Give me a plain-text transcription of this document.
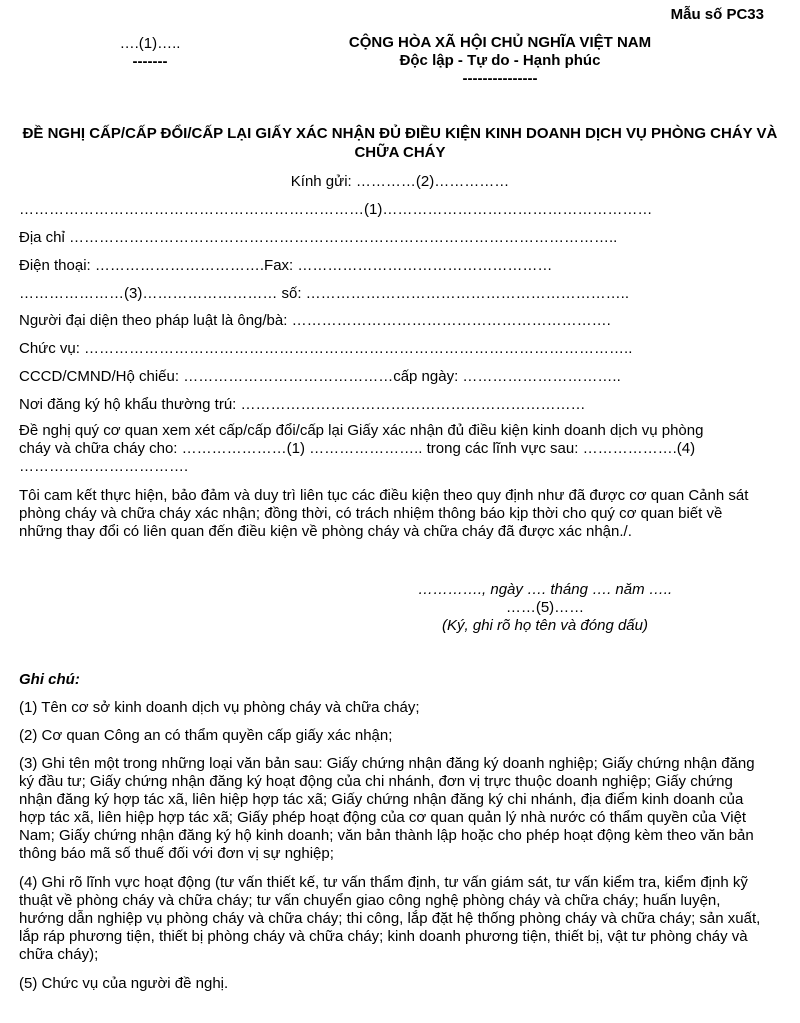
Mẫu số PC33
….(1)…..
-------
CỘNG HÒA XÃ HỘI CHỦ NGHĨA VIỆT NAM
Độc lập - Tự do - Hạnh phúc
---------------
ĐỀ NGHỊ CẤP/CẤP ĐỔI/CẤP LẠI GIẤY XÁC NHẬN ĐỦ ĐIỀU KIỆN KINH DOANH DỊCH VỤ PHÒNG CHÁY VÀ CHỮA CHÁY
Kính gửi: …………(2)……………
……………………………………………………………(1)………………………………………………
Địa chỉ ………………………………………………………………………………………………..
Điện thoại: …………………………….Fax: ……………………………………………
…………………(3)……………………… số: ………………………………………………………..
Người đại diện theo pháp luật là ông/bà: ……………………………………………………….
Chức vụ: ………………………………………………………………………………………………..
CCCD/CMND/Hộ chiếu: ……………………………………cấp ngày: …………………………..
Nơi đăng ký hộ khẩu thường trú: ……………………………………………………………
Đề nghị quý cơ quan xem xét cấp/cấp đổi/cấp lại Giấy xác nhận đủ điều kiện kinh doanh dịch vụ phòng
cháy và chữa cháy cho: …………………(1) ………………….. trong các lĩnh vực sau: ……………….(4)
…………………………….
Tôi cam kết thực hiện, bảo đảm và duy trì liên tục các điều kiện theo quy định như đã được cơ quan Cảnh sát phòng cháy và chữa cháy xác nhận; đồng thời, có trách nhiệm thông báo kịp thời cho quý cơ quan biết về những thay đổi có liên quan đến điều kiện về phòng cháy và chữa cháy đã được xác nhận./.
…………., ngày …. tháng …. năm …..
……(5)……
(Ký, ghi rõ họ tên và đóng dấu)
Ghi chú:
(1) Tên cơ sở kinh doanh dịch vụ phòng cháy và chữa cháy;
(2) Cơ quan Công an có thẩm quyền cấp giấy xác nhận;
(3) Ghi tên một trong những loại văn bản sau: Giấy chứng nhận đăng ký doanh nghiệp; Giấy chứng nhận đăng ký đầu tư; Giấy chứng nhận đăng ký hoạt động của chi nhánh, đơn vị trực thuộc doanh nghiệp; Giấy chứng nhận đăng ký hợp tác xã, liên hiệp hợp tác xã; Giấy chứng nhận đăng ký chi nhánh, địa điểm kinh doanh của hợp tác xã, liên hiệp hợp tác xã; Giấy phép hoạt động của cơ quan quản lý nhà nước có thẩm quyền của Việt Nam; Giấy chứng nhận đăng ký hộ kinh doanh; văn bản thành lập hoặc cho phép hoạt động kèm theo văn bản thông báo mã số thuế đối với đơn vị sự nghiệp;
(4) Ghi rõ lĩnh vực hoạt động (tư vấn thiết kế, tư vấn thẩm định, tư vấn giám sát, tư vấn kiểm tra, kiểm định kỹ thuật về phòng cháy và chữa cháy; tư vấn chuyển giao công nghệ phòng cháy và chữa cháy; huấn luyện, hướng dẫn nghiệp vụ phòng cháy và chữa cháy; thi công, lắp đặt hệ thống phòng cháy và chữa cháy; sản xuất, lắp ráp phương tiện, thiết bị phòng cháy và chữa cháy; kinh doanh phương tiện, thiết bị, vật tư phòng cháy và chữa cháy);
(5) Chức vụ của người đề nghị.
